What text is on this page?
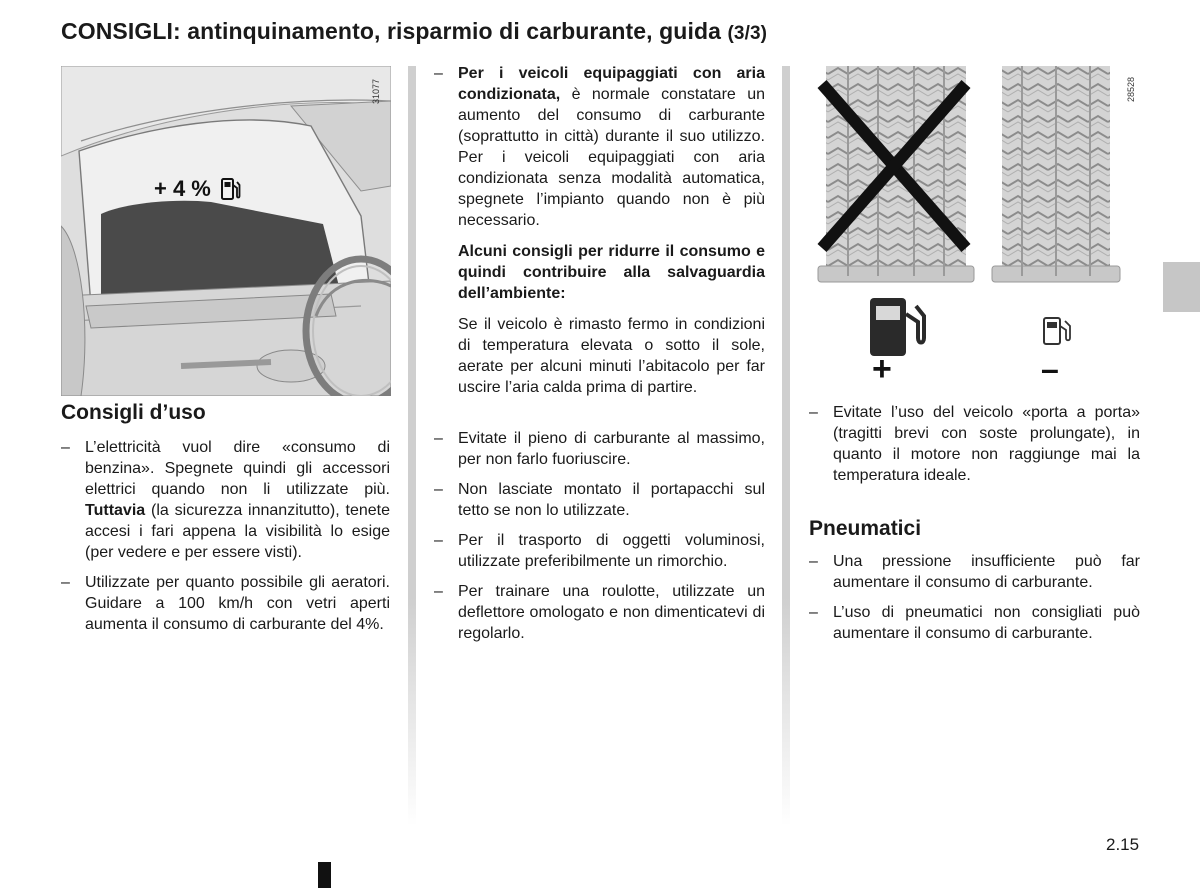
CONSIGLI: antinquinamento, risparmio di carburante, guida (3/3)
+ 4 %
31077
Consigli d’uso
– L’elettricità vuol dire «consumo di benzina». Spegnete quindi gli accessori elettrici quando non li utilizzate più. Tuttavia (la sicurezza innanzitutto), tenete accesi i fari appena la visibilità lo esige (per vedere e per essere visti).
– Utilizzate per quanto possibile gli aeratori. Guidare a 100 km/h con vetri aperti aumenta il consumo di carburante del 4%.
– Per i veicoli equipaggiati con aria condizionata, è normale constatare un aumento del consumo di carburante (soprattutto in città) durante il suo utilizzo. Per i veicoli equipaggiati con aria condizionata senza modalità automatica, spegnete l’impianto quando non è più necessario.

Alcuni consigli per ridurre il consumo e quindi contribuire alla salvaguardia dell’ambiente:

Se il veicolo è rimasto fermo in condizioni di temperatura elevata o sotto il sole, aerate per alcuni minuti l’abitacolo per far uscire l’aria calda prima di partire.

– Evitate il pieno di carburante al massimo, per non farlo fuoriuscire.
– Non lasciate montato il portapacchi sul tetto se non lo utilizzate.
– Per il trasporto di oggetti voluminosi, utilizzate preferibilmente un rimorchio.
– Per trainare una roulotte, utilizzate un deflettore omologato e non dimenticatevi di regolarlo.
+	–
28528
– Evitate l’uso del veicolo «porta a porta» (tragitti brevi con soste prolungate), in quanto il motore non raggiunge mai la temperatura ideale.
Pneumatici
– Una pressione insufficiente può far aumentare il consumo di carburante.
– L’uso di pneumatici non consigliati può aumentare il consumo di carburante.
2.15
